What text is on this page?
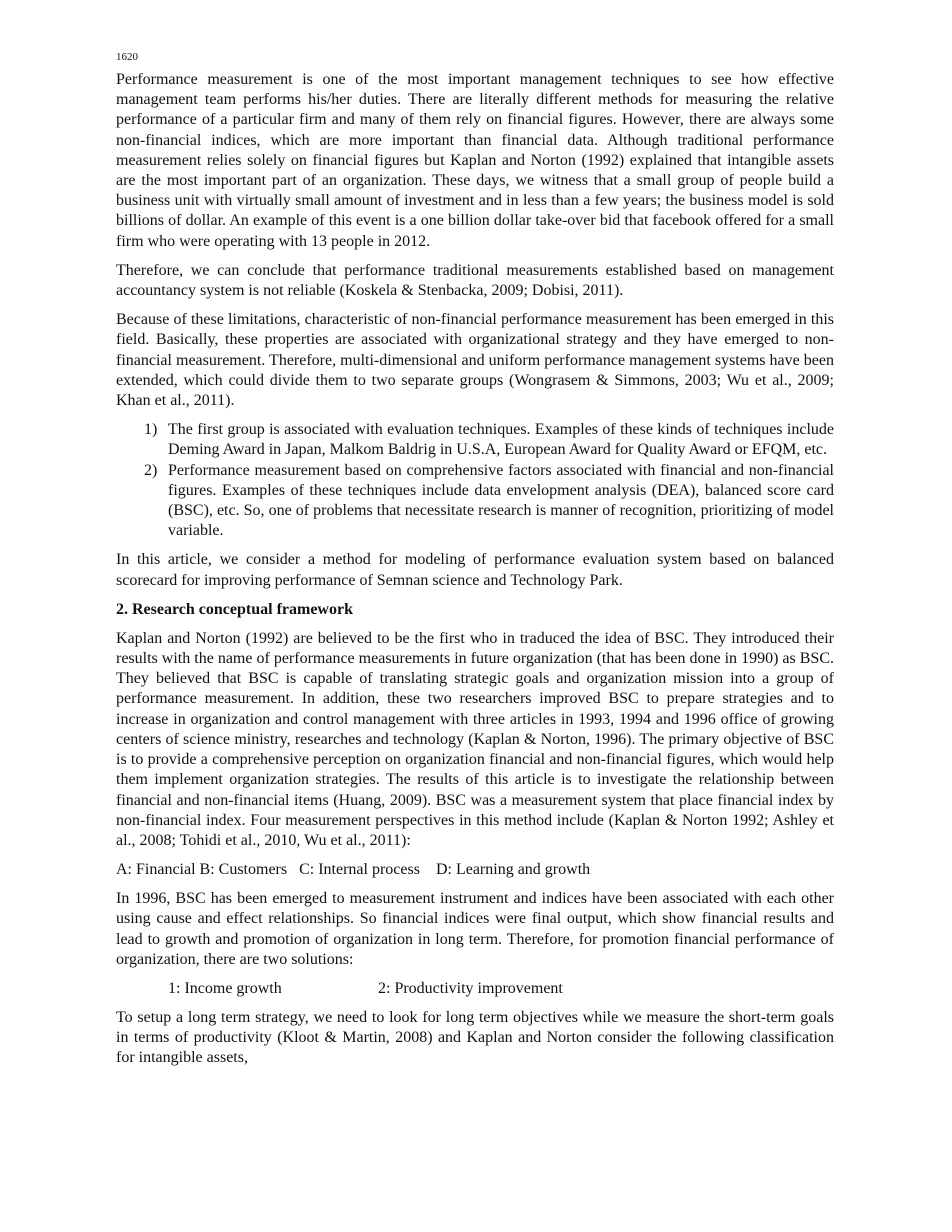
1620

Performance measurement is one of the most important management techniques to see how effective management team performs his/her duties. There are literally different methods for measuring the relative performance of a particular firm and many of them rely on financial figures. However, there are always some non-financial indices, which are more important than financial data. Although traditional performance measurement relies solely on financial figures but Kaplan and Norton (1992) explained that intangible assets are the most important part of an organization. These days, we witness that a small group of people build a business unit with virtually small amount of investment and in less than a few years; the business model is sold billions of dollar. An example of this event is a one billion dollar take-over bid that facebook offered for a small firm who were operating with 13 people in 2012.

Therefore, we can conclude that performance traditional measurements established based on management accountancy system is not reliable (Koskela & Stenbacka, 2009; Dobisi, 2011).

Because of these limitations, characteristic of non-financial performance measurement has been emerged in this field. Basically, these properties are associated with organizational strategy and they have emerged to non-financial measurement. Therefore, multi-dimensional and uniform performance management systems have been extended, which could divide them to two separate groups (Wongrasem & Simmons, 2003; Wu et al., 2009; Khan et al., 2011).

1) The first group is associated with evaluation techniques. Examples of these kinds of techniques include Deming Award in Japan, Malkom Baldrig in U.S.A, European Award for Quality Award or EFQM, etc.
2) Performance measurement based on comprehensive factors associated with financial and non-financial figures. Examples of these techniques include data envelopment analysis (DEA), balanced score card (BSC), etc. So, one of problems that necessitate research is manner of recognition, prioritizing of model variable.

In this article, we consider a method for modeling of performance evaluation system based on balanced scorecard for improving performance of Semnan science and Technology Park.

2. Research conceptual framework

Kaplan and Norton (1992) are believed to be the first who in traduced the idea of BSC. They introduced their results with the name of performance measurements in future organization (that has been done in 1990) as BSC. They believed that BSC is capable of translating strategic goals and organization mission into a group of performance measurement. In addition, these two researchers improved BSC to prepare strategies and to increase in organization and control management with three articles in 1993, 1994 and 1996 office of growing centers of science ministry, researches and technology (Kaplan & Norton, 1996). The primary objective of BSC is to provide a comprehensive perception on organization financial and non-financial figures, which would help them implement organization strategies. The results of this article is to investigate the relationship between financial and non-financial items (Huang, 2009). BSC was a measurement system that place financial index by non-financial index. Four measurement perspectives in this method include (Kaplan & Norton 1992; Ashley et al., 2008; Tohidi et al., 2010, Wu et al., 2011):

A: Financial B: Customers   C: Internal process    D: Learning and growth

In 1996, BSC has been emerged to measurement instrument and indices have been associated with each other using cause and effect relationships. So financial indices were final output, which show financial results and lead to growth and promotion of organization in long term. Therefore, for promotion financial performance of organization, there are two solutions:

1: Income growth	2: Productivity improvement

To setup a long term strategy, we need to look for long term objectives while we measure the short-term goals in terms of productivity (Kloot & Martin, 2008) and Kaplan and Norton consider the following classification for intangible assets,
